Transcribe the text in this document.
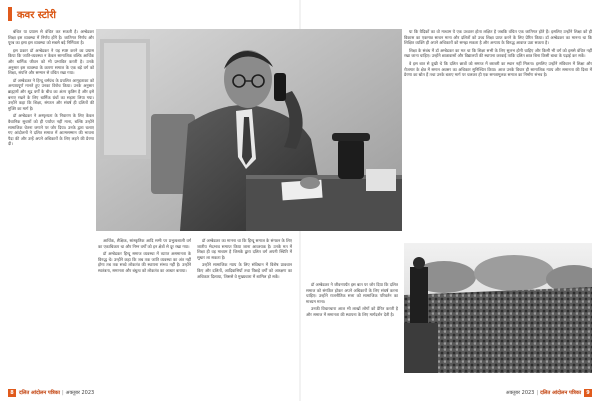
कवर स्टोरी

बंधित या प्रयास से वंचित कर सकती है। अम्बेडकर शिक्षा इस व्यवस्था में निर्णय होंगे है। जातिगत निर्णय और पूरब का इसा इस व्यवस्था को सबसे बड़े निर्मियता है।

इस प्रकार डॉ अम्बेडकर ने यह स्पष्ट करने का प्रयास किया कि जाति-व्यवस्था न केवल सामाजिक बल्कि आर्थिक और धार्मिक जीवन को भी प्रभावित करती है। उनके अनुसार इस व्यवस्था के कारण समाज के एक बड़े वर्ग को शिक्षा, संपत्ति और सम्मान से वंचित रखा गया।

डॉ अम्बेडकर ने हिन्दू धर्मग्रंथ के प्रचलित आगृहताका को अन्यायपूर्ण मानते हुए उनका विरोध किया। उनके अनुसार ब्राह्मणों और शूद्र वर्गों के बीच का अंतर कृत्रिम है और इसे बनाए रखने के लिए धार्मिक ग्रंथों का सहारा लिया गया। उन्होंने कहा कि शिक्षा, संगठन और संघर्ष ही दलितों की मुक्ति का मार्ग है।

डॉ अम्बेडकर ने अस्पृश्यता के निवारण के लिए केवल वैधानिक सुधारों को ही पर्याप्त नहीं माना, बल्कि उन्होंने सामाजिक चेतना जगाने पर जोर दिया। उनके द्वारा चलाए गए आंदोलनों ने दलित समाज में आत्मसम्मान की भावना पैदा की और उन्हें अपने अधिकारों के लिए लड़ने की प्रेरणा दी।

आर्थिक, शैक्षिक, सांस्कृतिक आदि सभी पर प्रभुत्वशाली वर्ग का एकाधिकार था और निम्न वर्गों को इन क्षेत्रों से दूर रखा गया।

डॉ अम्बेडकर हिन्दू समाज व्यवस्था में व्याप्त असमानता के विरुद्ध थे। उन्होंने कहा कि जब तक जाति व्यवस्था का अंत नहीं होगा तब तक सच्चे लोकतंत्र की स्थापना संभव नहीं है। उन्होंने स्वतंत्रता, समानता और बंधुत्व को लोकतंत्र का आधार बताया।

डॉ अम्बेडकर का मानना था कि हिन्दू समाज के संगठन के लिए जातीय भेदभाव समाप्त किया जाना आवश्यक है। उनके मत में शिक्षा ही वह माध्यम है जिसके द्वारा दलित वर्ग अपनी स्थिति में सुधार ला सकता है।

उन्होंने सामाजिक न्याय के लिए संविधान में विशेष प्रावधान किए और दलितों, आदिवासियों तथा पिछड़े वर्गों को आरक्षण का अधिकार दिलाया, जिससे वे मुख्यधारा में शामिल हो सकें।

या कि वैदिकों का वो माध्यम ये एक उच्चतर होता लक्षित है जबकि वंचित एक जातिगत होते हैं। इसलिए उन्होंने शिक्षा को ही विकास का एकमात्र साधन माना और दलितों को उच्च शिक्षा प्राप्त करने के लिए प्रेरित किया। डॉ अम्बेडकर का मानना था कि शिक्षित व्यक्ति ही अपने अधिकारों को समझ सकता है और अन्याय के विरुद्ध आवाज उठा सकता है।

शिक्षा के संबंध में डॉ अम्बेडकर का मत था कि शिक्षा सभी के लिए सुलभ होनी चाहिए और किसी भी वर्ग को इससे वंचित नहीं रखा जाना चाहिए। उन्होंने छात्रावासों और विद्यालयों की स्थापना करवाई ताकि दलित छात्र बिना किसी बाधा के पढ़ाई कर सकें।

वे इस बात से दुखी थे कि दलित छात्रों को समाज में बराबरी का स्थान नहीं मिलता। इसलिए उन्होंने संविधान में शिक्षा और रोजगार के क्षेत्र में समान अवसर का अधिकार सुनिश्चित किया। आज उनके विचार ही सामाजिक न्याय और समानता की दिशा में प्रेरणा का स्रोत हैं तथा उनके बताए मार्ग पर चलकर ही एक समतामूलक समाज का निर्माण संभव है।

डॉ अम्बेडकर ने जीवनपर्यंत इस बात पर जोर दिया कि दलित समाज को संगठित होकर अपने अधिकारों के लिए संघर्ष करना चाहिए। उन्होंने राजनीतिक सत्ता को सामाजिक परिवर्तन का माध्यम माना।

उनकी विचारधारा आज भी लाखों लोगों को प्रेरित करती है और समाज में समानता की स्थापना के लिए मार्गदर्शन देती है।

8	दलित आंदोलन पत्रिका | अक्तूबर 2023	अक्तूबर 2023 | दलित आंदोलन पत्रिका	9
